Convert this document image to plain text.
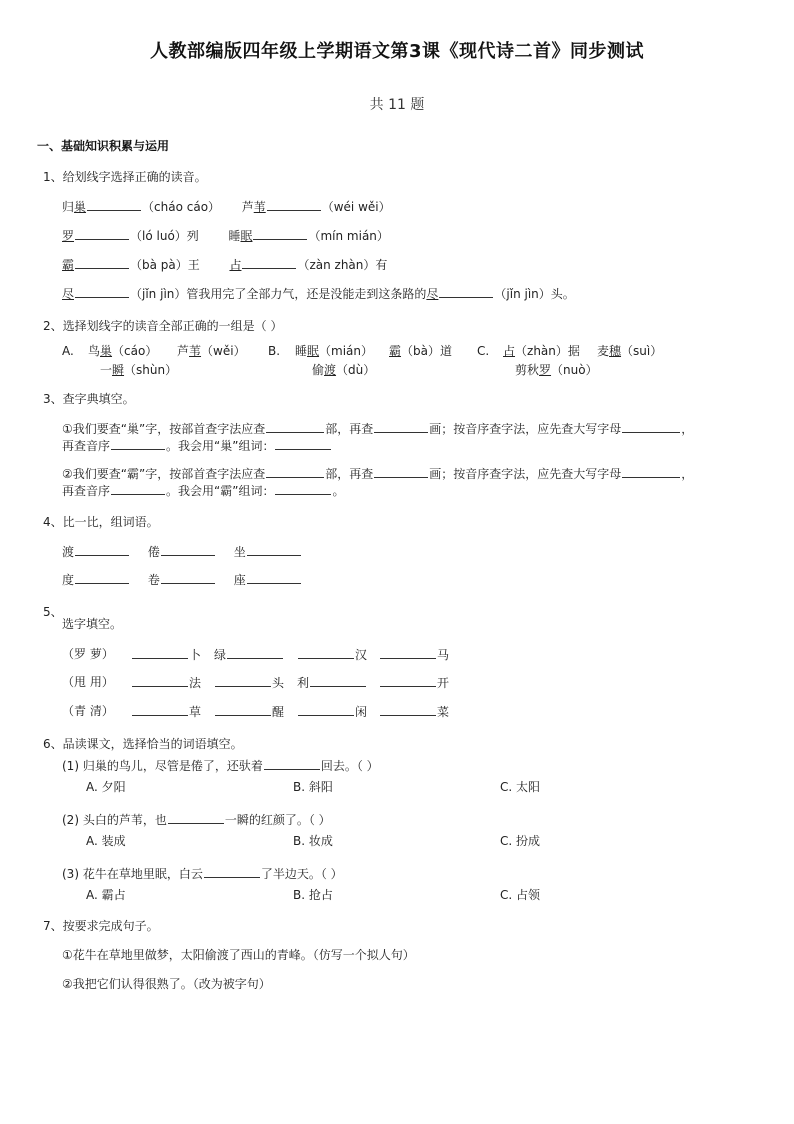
人教部编版四年级上学期语文第3课《现代诗二首》同步测试
共 11 题
一、基础知识积累与运用
1、给划线字选择正确的读音。
归巢	（cháo cáo） 芦苇	（wéi wěi）
罗	（ló luó）列 睡眠	（mín mián）
霸	（bà pà）王 占	（zàn zhàn）有
尽	（jǐn jìn）管我用完了全部力气，还是没能走到这条路的尽	（jǐn jìn）头。
2、选择划线字的读音全部正确的一组是（ ）
A. 鸟巢（cáo） 芦苇（wěi）
一瞬（shùn）
B. 睡眠（mián） 霸（bà）道
偷渡（dù）
C. 占（zhàn）据 麦穗（suì）
剪秋罗（nuò）
3、查字典填空。
①我们要查“巢”字，按部首查字法应查	部，再查	画；按音序查字法，应先查大写字母	，
再查音序	。我会用“巢”组词：
②我们要查“霸”字，按部首查字法应查	部，再查	画；按音序查字法，应先查大写字母	，
再查音序	。我会用“霸”组词：	。
4、比一比，组词语。
渡	倦	坐
度	卷	座
5、
选字填空。
（罗 萝）	卜 绿	汉	马
（甩 用）	法	头 利	开
（青 清）	草	醒	闲	菜
6、品读课文，选择恰当的词语填空。
(1) 归巢的鸟儿，尽管是倦了，还驮着	回去。（ ）
A. 夕阳	B. 斜阳	C. 太阳
(2) 头白的芦苇，也	一瞬的红颜了。（ ）
A. 装成	B. 妆成	C. 扮成
(3) 花牛在草地里眠，白云	了半边天。（ ）
A. 霸占	B. 抢占	C. 占领
7、按要求完成句子。
①花牛在草地里做梦，太阳偷渡了西山的青峰。（仿写一个拟人句）
②我把它们认得很熟了。（改为被字句）
